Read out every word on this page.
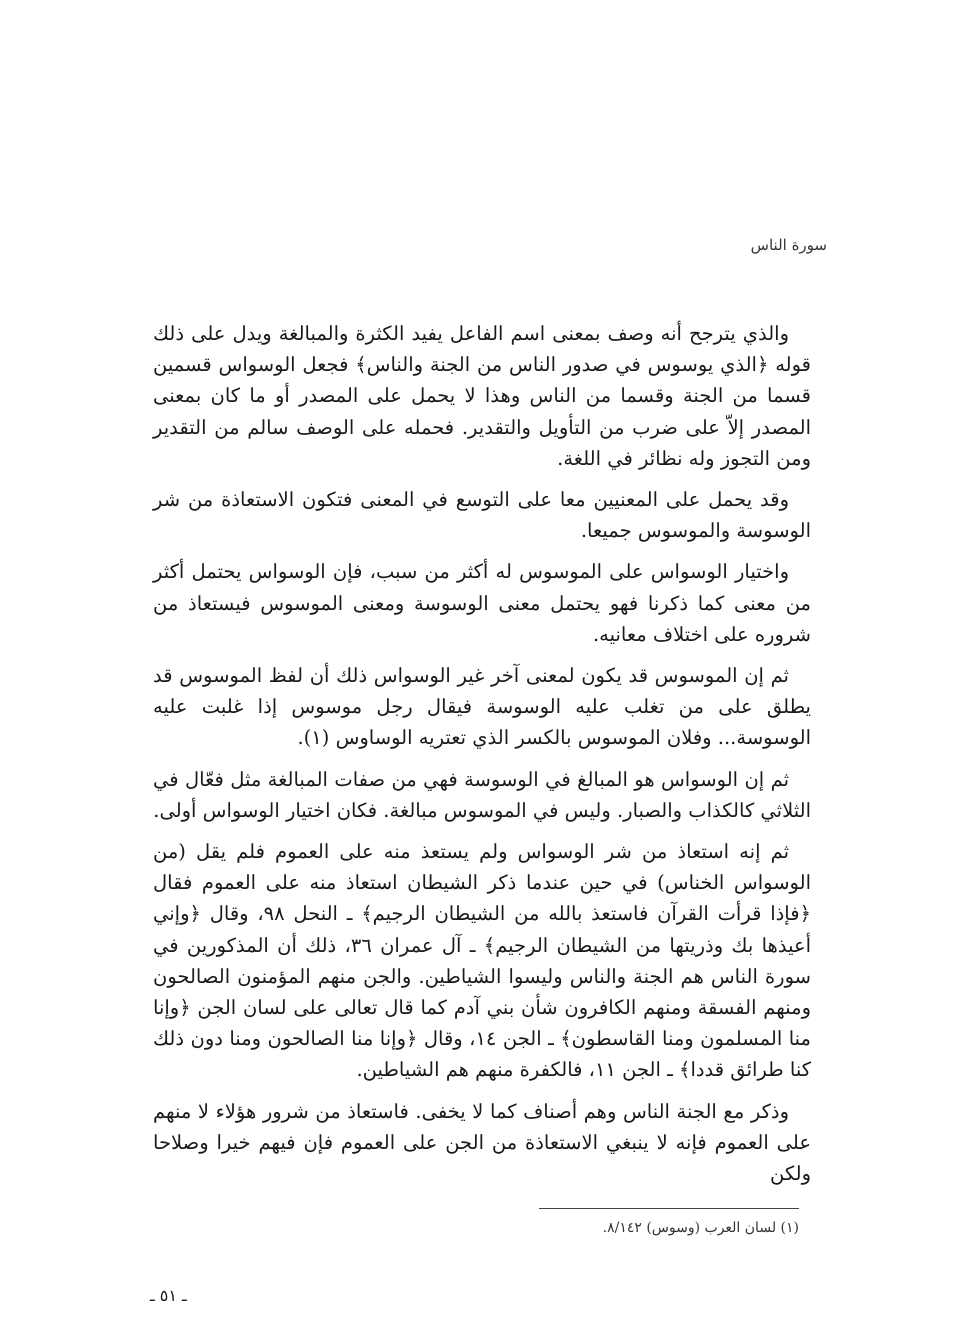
سورة الناس

والذي يترجح أنه وصف بمعنى اسم الفاعل يفيد الكثرة والمبالغة ويدل على ذلك قوله ﴿الذي يوسوس في صدور الناس من الجنة والناس﴾ فجعل الوسواس قسمين قسما من الجنة وقسما من الناس وهذا لا يحمل على المصدر أو ما كان بمعنى المصدر إلاّ على ضرب من التأويل والتقدير. فحمله على الوصف سالم من التقدير ومن التجوز وله نظائر في اللغة.

وقد يحمل على المعنيين معا على التوسع في المعنى فتكون الاستعاذة من شر الوسوسة والموسوس جميعا.

واختيار الوسواس على الموسوس له أكثر من سبب، فإن الوسواس يحتمل أكثر من معنى كما ذكرنا فهو يحتمل معنى الوسوسة ومعنى الموسوس فيستعاذ من شروره على اختلاف معانيه.

ثم إن الموسوس قد يكون لمعنى آخر غير الوسواس ذلك أن لفظ الموسوس قد يطلق على من تغلب عليه الوسوسة فيقال رجل موسوس إذا غلبت عليه الوسوسة... وفلان الموسوس بالكسر الذي تعتريه الوساوس (١).

ثم إن الوسواس هو المبالغ في الوسوسة فهي من صفات المبالغة مثل فعّال في الثلاثي كالكذاب والصبار. وليس في الموسوس مبالغة. فكان اختيار الوسواس أولى.

ثم إنه استعاذ من شر الوسواس ولم يستعذ منه على العموم فلم يقل (من الوسواس الخناس) في حين عندما ذكر الشيطان استعاذ منه على العموم فقال ﴿فإذا قرأت القرآن فاستعذ بالله من الشيطان الرجيم﴾ ـ النحل ٩٨، وقال ﴿وإني أعيذها بك وذريتها من الشيطان الرجيم﴾ ـ آل عمران ٣٦، ذلك أن المذكورين في سورة الناس هم الجنة والناس وليسوا الشياطين. والجن منهم المؤمنون الصالحون ومنهم الفسقة ومنهم الكافرون شأن بني آدم كما قال تعالى على لسان الجن ﴿وإنا منا المسلمون ومنا القاسطون﴾ ـ الجن ١٤، وقال ﴿وإنا منا الصالحون ومنا دون ذلك كنا طرائق قددا﴾ ـ الجن ١١، فالكفرة منهم هم الشياطين.

وذكر مع الجنة الناس وهم أصناف كما لا يخفى. فاستعاذ من شرور هؤلاء لا منهم على العموم فإنه لا ينبغي الاستعاذة من الجن على العموم فإن فيهم خيرا وصلاحا ولكن

(١) لسان العرب (وسوس) ٨/١٤٢.
ـ ٥١ ـ
